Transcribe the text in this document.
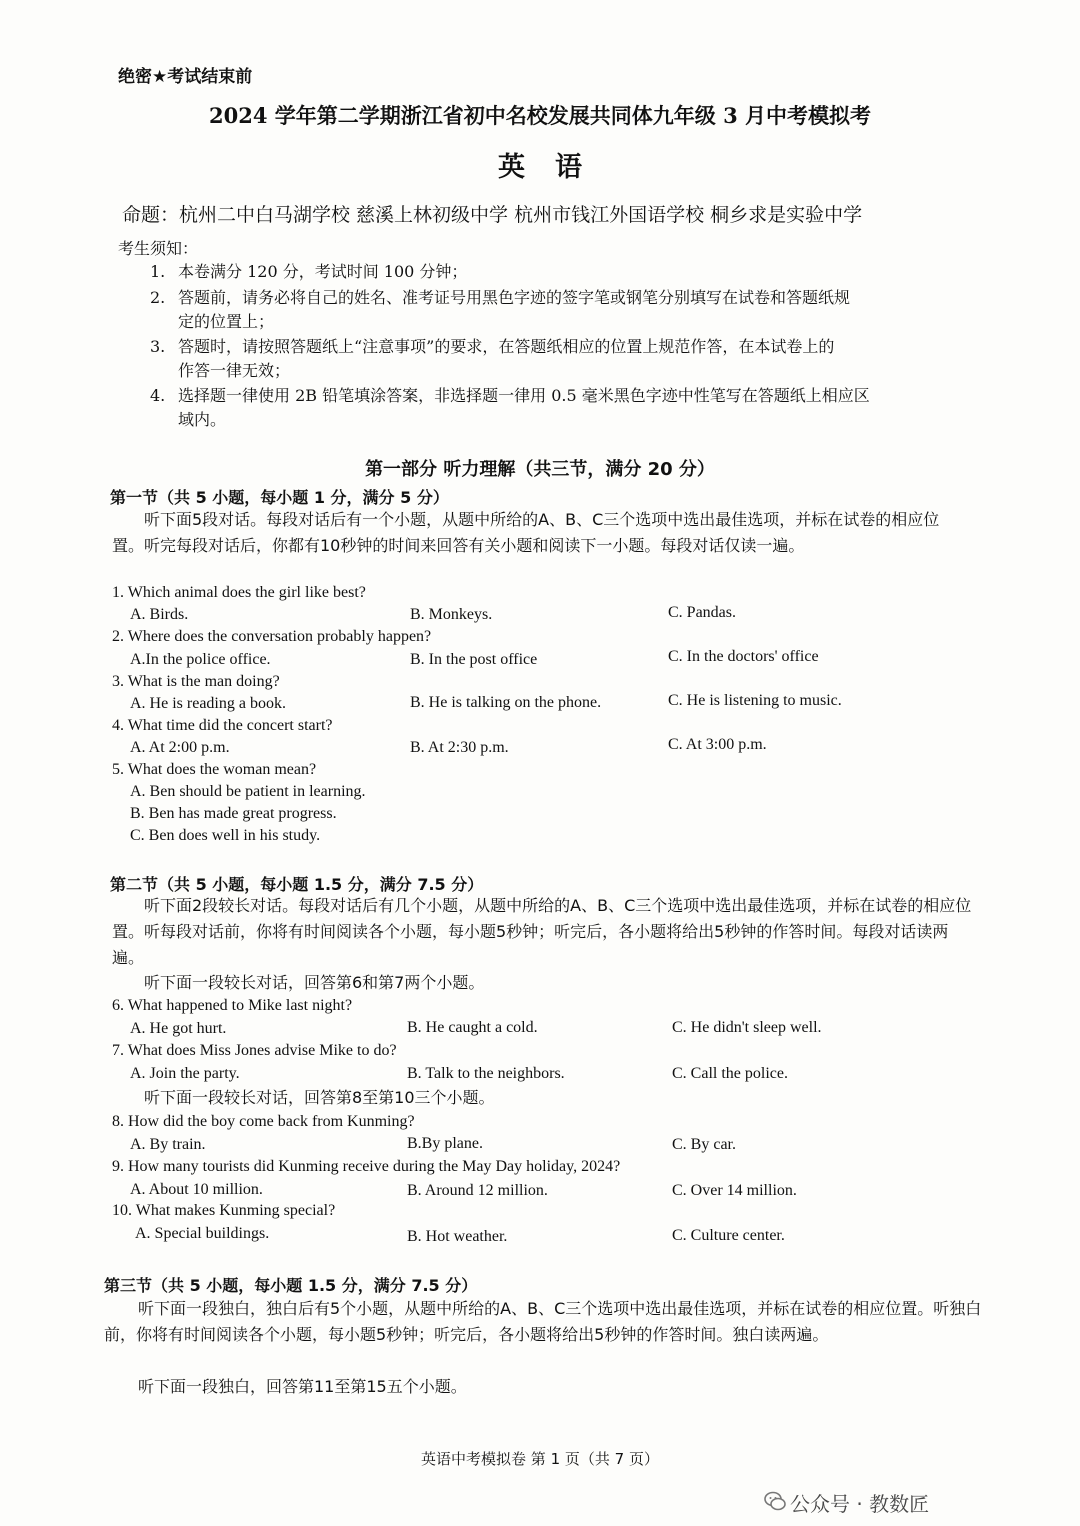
绝密★考试结束前
2024 学年第二学期浙江省初中名校发展共同体九年级 3 月中考模拟考
英语
命题：杭州二中白马湖学校 慈溪上林初级中学 杭州市钱江外国语学校 桐乡求是实验中学
考生须知：
1. 本卷满分 120 分，考试时间 100 分钟；
2. 答题前，请务必将自己的姓名、准考证号用黑色字迹的签字笔或钢笔分别填写在试卷和答题纸规
定的位置上；
3. 答题时，请按照答题纸上“注意事项”的要求，在答题纸相应的位置上规范作答，在本试卷上的
作答一律无效；
4. 选择题一律使用 2B 铅笔填涂答案，非选择题一律用 0.5 毫米黑色字迹中性笔写在答题纸上相应区
域内。
第一部分 听力理解（共三节，满分 20 分）
第一节（共 5 小题，每小题 1 分，满分 5 分）
听下面5段对话。每段对话后有一个小题，从题中所给的A、B、C三个选项中选出最佳选项，并标在试卷的相应位置。听完每段对话后，你都有10秒钟的时间来回答有关小题和阅读下一小题。每段对话仅读一遍。
1. Which animal does the girl like best?
A. Birds.	B. Monkeys.	C. Pandas.
2. Where does the conversation probably happen?
A.In the police office.	B. In the post office	C. In the doctors' office
3. What is the man doing?
A. He is reading a book.	B. He is talking on the phone.	C. He is listening to music.
4. What time did the concert start?
A. At 2:00 p.m.	B. At 2:30 p.m.	C. At 3:00 p.m.
5. What does the woman mean?
A. Ben should be patient in learning.
B. Ben has made great progress.
C. Ben does well in his study.
第二节（共 5 小题，每小题 1.5 分，满分 7.5 分）
听下面2段较长对话。每段对话后有几个小题，从题中所给的A、B、C三个选项中选出最佳选项，并标在试卷的相应位置。听每段对话前，你将有时间阅读各个小题，每小题5秒钟；听完后，各小题将给出5秒钟的作答时间。每段对话读两遍。
听下面一段较长对话，回答第6和第7两个小题。
6. What happened to Mike last night?
A. He got hurt.	B. He caught a cold.	C. He didn't sleep well.
7. What does Miss Jones advise Mike to do?
A. Join the party.	B. Talk to the neighbors.	C. Call the police.
听下面一段较长对话，回答第8至第10三个小题。
8. How did the boy come back from Kunming?
A. By train.	B.By plane.	C. By car.
9. How many tourists did Kunming receive during the May Day holiday, 2024?
A. About 10 million.	B. Around 12 million.	C. Over 14 million.
10. What makes Kunming special?
A. Special buildings.	B. Hot weather.	C. Culture center.
第三节（共 5 小题，每小题 1.5 分，满分 7.5 分）
听下面一段独白，独白后有5个小题，从题中所给的A、B、C三个选项中选出最佳选项，并标在试卷的相应位置。听独白前，你将有时间阅读各个小题，每小题5秒钟；听完后，各小题将给出5秒钟的作答时间。独白读两遍。
听下面一段独白，回答第11至第15五个小题。
英语中考模拟卷 第 1 页（共 7 页）
公众号 · 教数匠
